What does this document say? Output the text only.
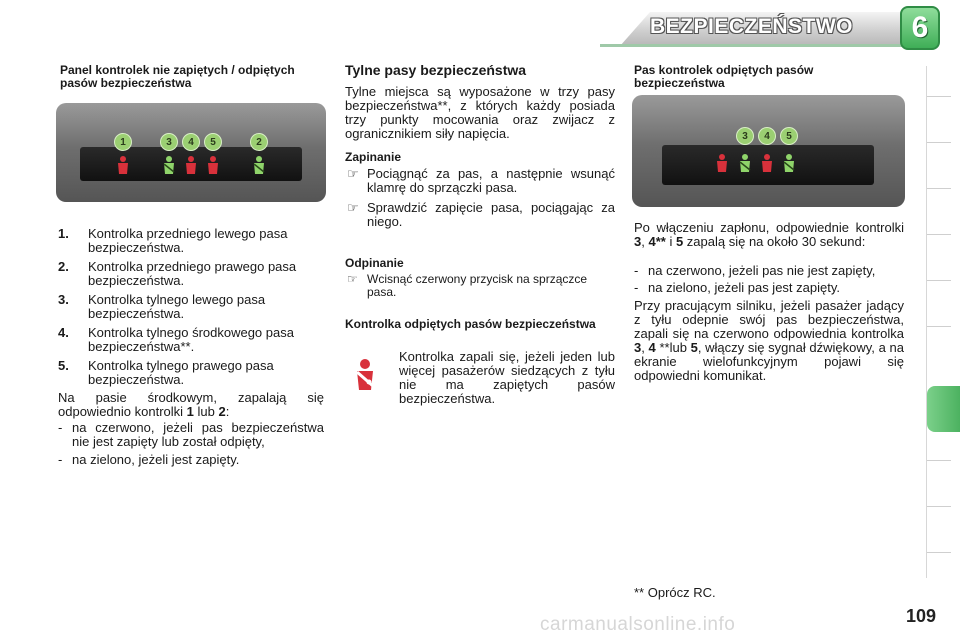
BEZPIECZEŃSTWO 6
Panel kontrolek nie zapiętych / odpiętych pasów bezpieczeństwa
1	3	4	5	2
1. Kontrolka przedniego lewego pasa bezpieczeństwa.
2. Kontrolka przedniego prawego pasa bezpieczeństwa.
3. Kontrolka tylnego lewego pasa bezpieczeństwa.
4. Kontrolka tylnego środkowego pasa bezpieczeństwa**.
5. Kontrolka tylnego prawego pasa bezpieczeństwa.
Na pasie środkowym, zapalają się odpowiednio kontrolki 1 lub 2:
- na czerwono, jeżeli pas bezpieczeństwa nie jest zapięty lub został odpięty,
- na zielono, jeżeli jest zapięty.
Tylne pasy bezpieczeństwa
Tylne miejsca są wyposażone w trzy pasy bezpieczeństwa**, z których każdy posiada trzy punkty mocowania oraz zwijacz z ogranicznikiem siły napięcia.
Zapinanie
☞ Pociągnąć za pas, a następnie wsunąć klamrę do sprzączki pasa.
☞ Sprawdzić zapięcie pasa, pociągając za niego.
Odpinanie
☞ Wcisnąć czerwony przycisk na sprzączce pasa.
Kontrolka odpiętych pasów bezpieczeństwa
Kontrolka zapali się, jeżeli jeden lub więcej pasażerów siedzących z tyłu nie ma zapiętych pasów bezpieczeństwa.
Pas kontrolek odpiętych pasów bezpieczeństwa
3	4	5
Po włączeniu zapłonu, odpowiednie kontrolki 3, 4** i 5 zapalą się na około 30 sekund:
- na czerwono, jeżeli pas nie jest zapięty,
- na zielono, jeżeli pas jest zapięty.
Przy pracującym silniku, jeżeli pasażer jadący z tyłu odepnie swój pas bezpieczeństwa, zapali się na czerwono odpowiednia kontrolka 3, 4 **lub 5, włączy się sygnał dźwiękowy, a na ekranie wielofunkcyjnym pojawi się odpowiedni komunikat.
** Oprócz RC.
carmanualsonline.info	109
